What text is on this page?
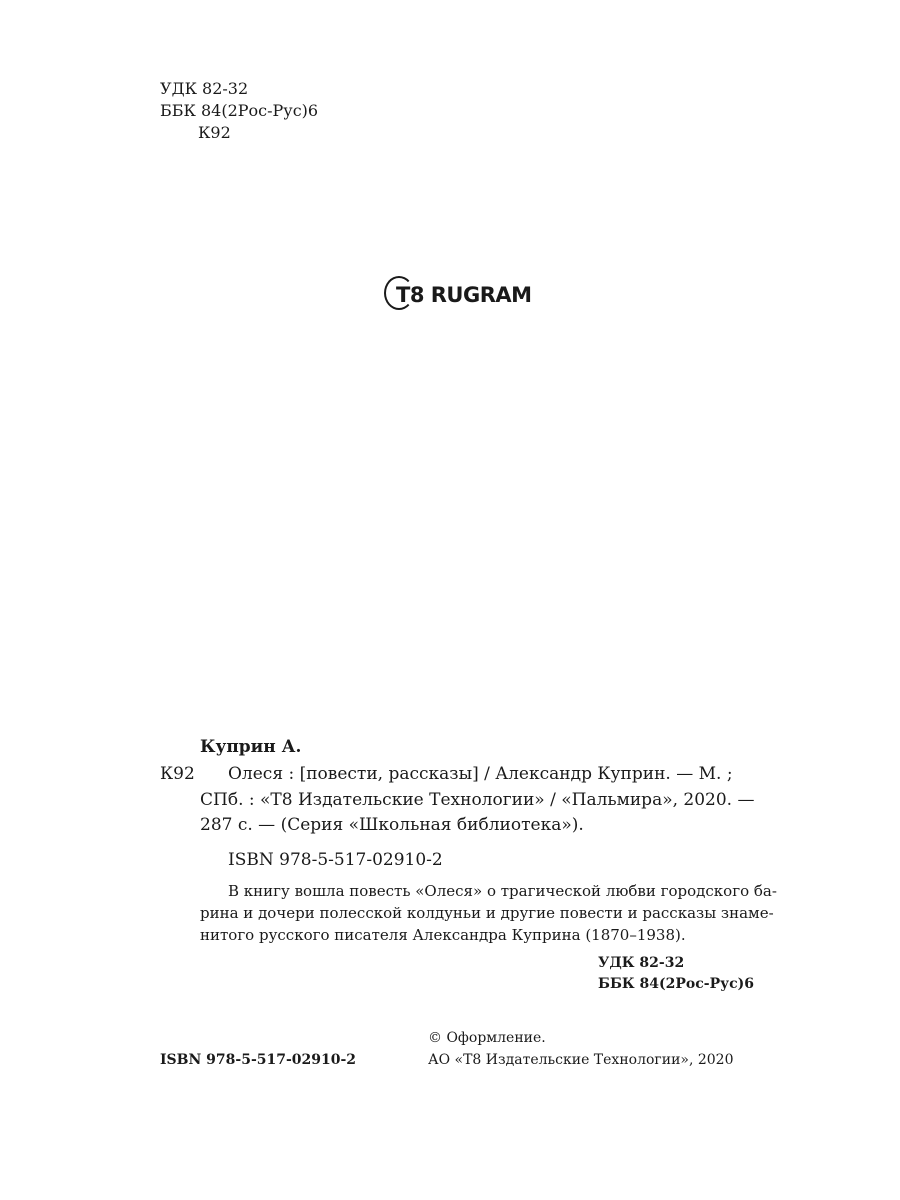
УДК 82-32
ББК 84(2Рос-Рус)6
К92
T8 RUGRAM
Куприн А.
К92 Олеся : [повести, рассказы] / Александр Куприн. — М. ;
СПб. : «Т8 Издательские Технологии» / «Пальмира», 2020. —
287 с. — (Серия «Школьная библиотека»).
ISBN 978-5-517-02910-2
В книгу вошла повесть «Олеся» о трагической любви городского ба-
рина и дочери полесской колдуньи и другие повести и рассказы знаме-
нитого русского писателя Александра Куприна (1870–1938).
УДК 82-32
ББК 84(2Рос-Рус)6
© Оформление.
ISBN 978-5-517-02910-2	АО «Т8 Издательские Технологии», 2020
